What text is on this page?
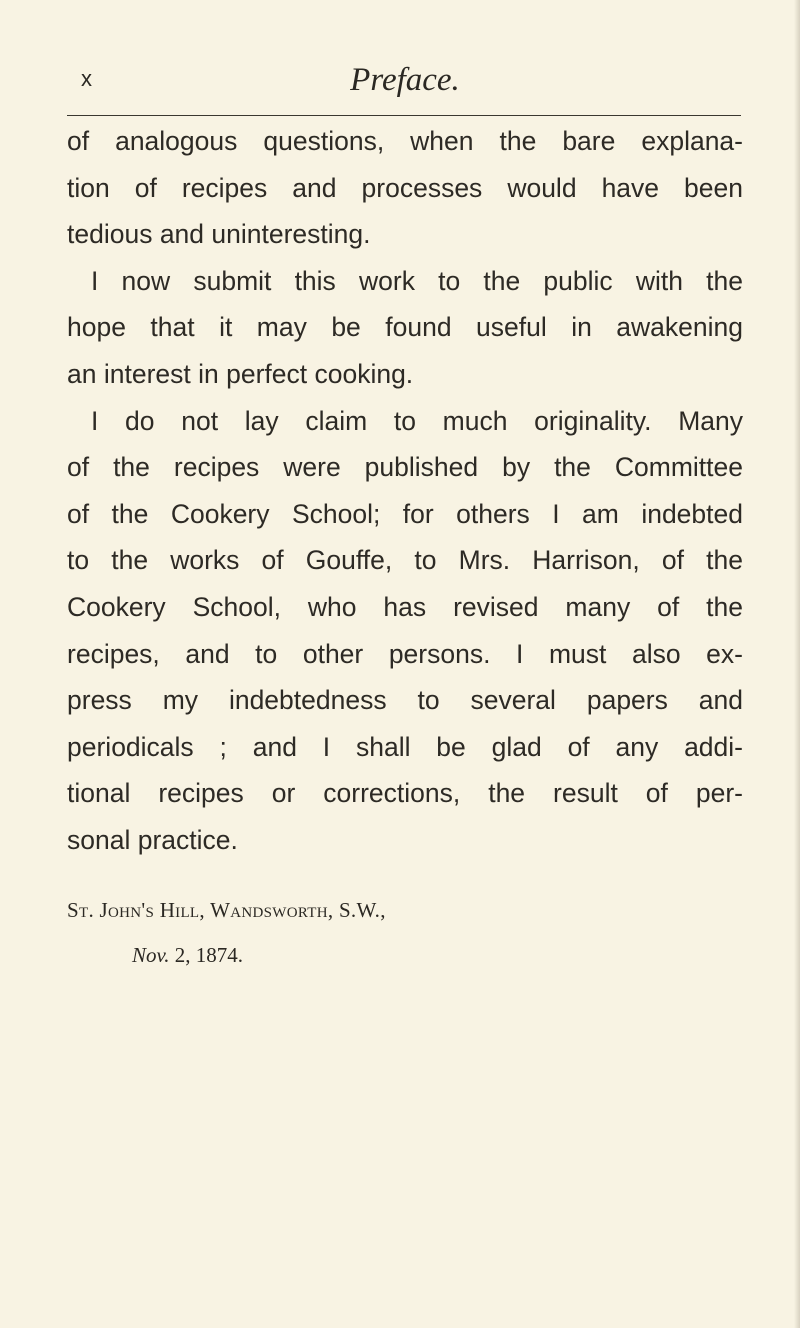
x	Preface.
of analogous questions, when the bare explana-
tion of recipes and processes would have been
tedious and uninteresting.
I now submit this work to the public with the
hope that it may be found useful in awakening
an interest in perfect cooking.
I do not lay claim to much originality. Many
of the recipes were published by the Committee
of the Cookery School; for others I am indebted
to the works of Gouffe, to Mrs. Harrison, of the
Cookery School, who has revised many of the
recipes, and to other persons. I must also ex-
press my indebtedness to several papers and
periodicals ; and I shall be glad of any addi-
tional recipes or corrections, the result of per-
sonal practice.
St. John's Hill, Wandsworth, S.W.,
Nov. 2, 1874.
